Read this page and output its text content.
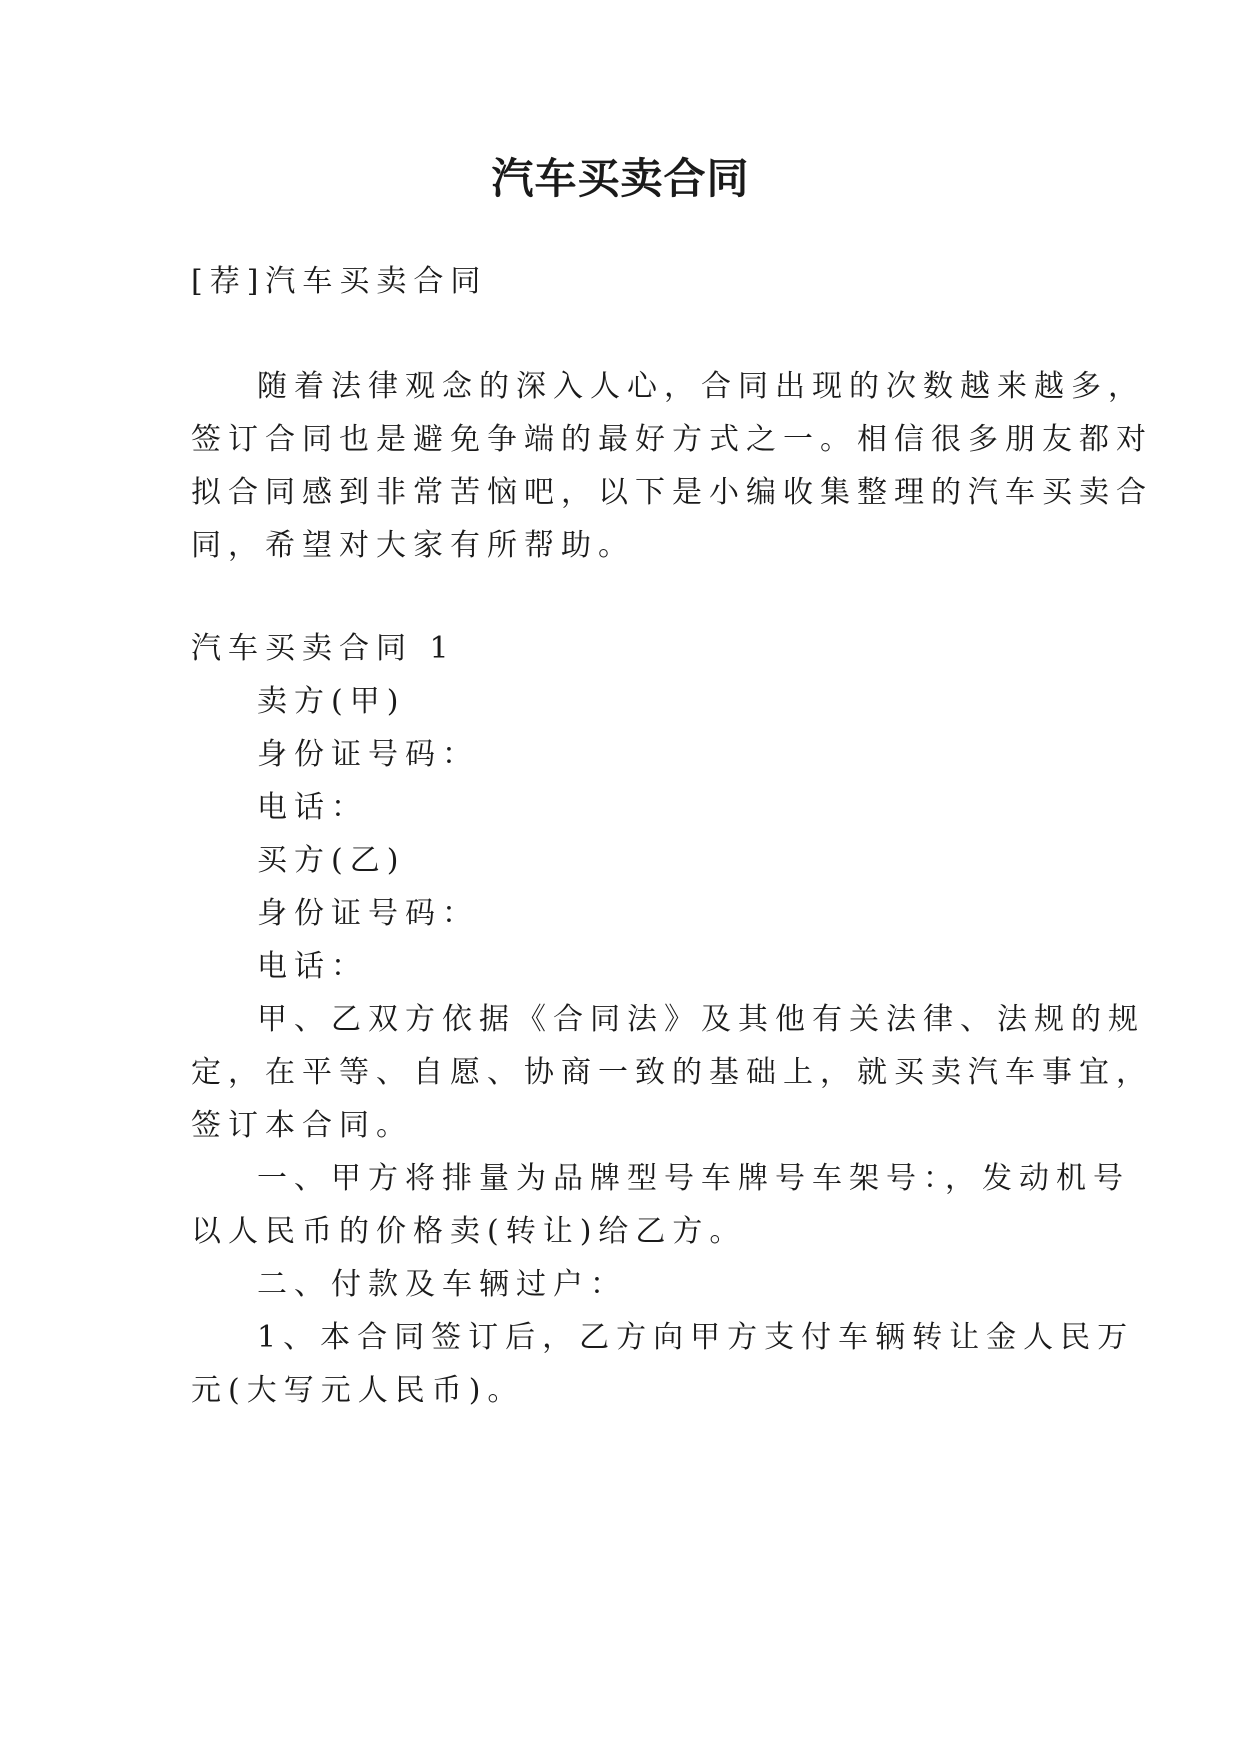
汽车买卖合同
[荐]汽车买卖合同
随着法律观念的深入人心，合同出现的次数越来越多，
签订合同也是避免争端的最好方式之一。相信很多朋友都对
拟合同感到非常苦恼吧，以下是小编收集整理的汽车买卖合
同，希望对大家有所帮助。
汽车买卖合同 1
卖方(甲)
身份证号码：
电话：
买方(乙)
身份证号码：
电话：
甲、乙双方依据《合同法》及其他有关法律、法规的规
定，在平等、自愿、协商一致的基础上，就买卖汽车事宜，
签订本合同。
一、甲方将排量为品牌型号车牌号车架号：，发动机号
以人民币的价格卖(转让)给乙方。
二、付款及车辆过户：
1、本合同签订后，乙方向甲方支付车辆转让金人民万
元(大写元人民币)。
